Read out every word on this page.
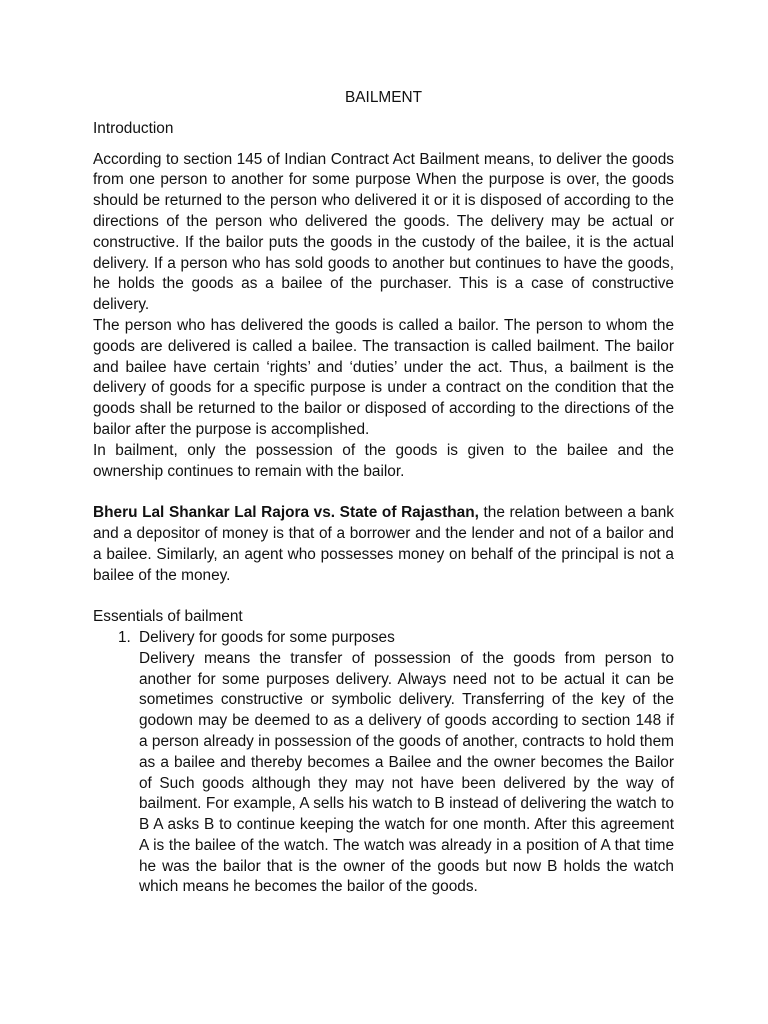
BAILMENT
Introduction

According to section 145 of Indian Contract Act Bailment means, to deliver the goods from one person to another for some purpose When the purpose is over, the goods should be returned to the person who delivered it or it is disposed of according to the directions of the person who delivered the goods. The delivery may be actual or constructive. If the bailor puts the goods in the custody of the bailee, it is the actual delivery. If a person who has sold goods to another but continues to have the goods, he holds the goods as a bailee of the purchaser. This is a case of constructive delivery.

The person who has delivered the goods is called a bailor. The person to whom the goods are delivered is called a bailee. The transaction is called bailment. The bailor and bailee have certain ‘rights’ and ‘duties’ under the act. Thus, a bailment is the delivery of goods for a specific purpose is under a contract on the condition that the goods shall be returned to the bailor or disposed of according to the directions of the bailor after the purpose is accomplished.

In bailment, only the possession of the goods is given to the bailee and the ownership continues to remain with the bailor.

Bheru Lal Shankar Lal Rajora vs. State of Rajasthan, the relation between a bank and a depositor of money is that of a borrower and the lender and not of a bailor and a bailee. Similarly, an agent who possesses money on behalf of the principal is not a bailee of the money.

Essentials of bailment
1. Delivery for goods for some purposes

Delivery means the transfer of possession of the goods from person to another for some purposes delivery. Always need not to be actual it can be sometimes constructive or symbolic delivery. Transferring of the key of the godown may be deemed to as a delivery of goods according to section 148 if a person already in possession of the goods of another, contracts to hold them as a bailee and thereby becomes a Bailee and the owner becomes the Bailor of Such goods although they may not have been delivered by the way of bailment. For example, A sells his watch to B instead of delivering the watch to B A asks B to continue keeping the watch for one month. After this agreement A is the bailee of the watch. The watch was already in a position of A that time he was the bailor that is the owner of the goods but now B holds the watch which means he becomes the bailor of the goods.
